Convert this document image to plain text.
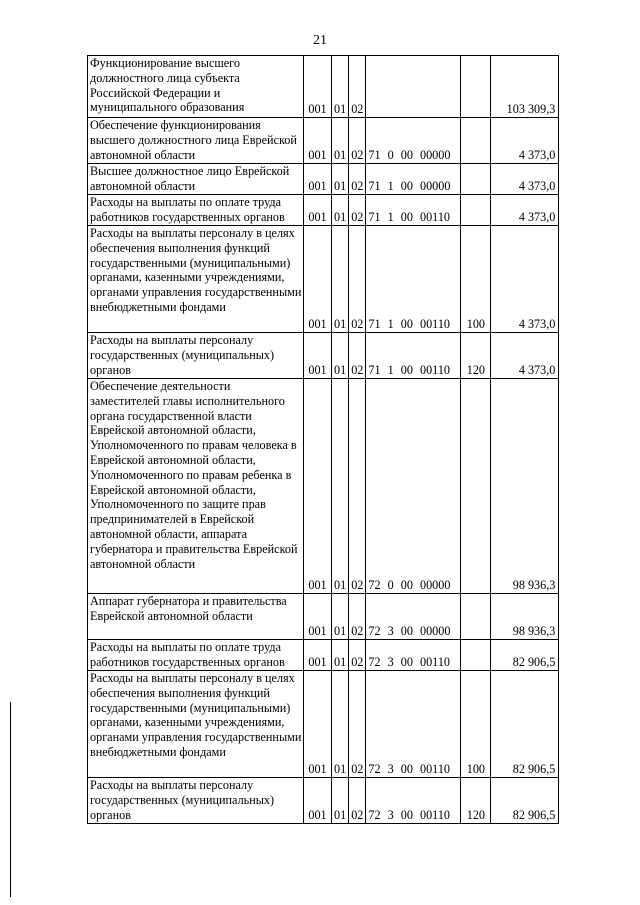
21
Функционирование высшего должностного лица субъекта Российской Федерации и муниципального образования	001	01	02			103 309,3
Обеспечение функционирования высшего должностного лица Еврейской автономной области	001	01	02	71 0 00 00000		4 373,0
Высшее должностное лицо Еврейской автономной области	001	01	02	71 1 00 00000		4 373,0
Расходы на выплаты по оплате труда работников государственных органов	001	01	02	71 1 00 00110		4 373,0
Расходы на выплаты персоналу в целях обеспечения выполнения функций государственными (муниципальными) органами, казенными учреждениями, органами управления государственными внебюджетными фондами	001	01	02	71 1 00 00110	100	4 373,0
Расходы на выплаты персоналу государственных (муниципальных) органов	001	01	02	71 1 00 00110	120	4 373,0
Обеспечение деятельности заместителей главы исполнительного органа государственной власти Еврейской автономной области, Уполномоченного по правам человека в Еврейской автономной области, Уполномоченного по правам ребенка в Еврейской автономной области, Уполномоченного по защите прав предпринимателей в Еврейской автономной области, аппарата губернатора и правительства Еврейской автономной области	001	01	02	72 0 00 00000		98 936,3
Аппарат губернатора и правительства Еврейской автономной области	001	01	02	72 3 00 00000		98 936,3
Расходы на выплаты по оплате труда работников государственных органов	001	01	02	72 3 00 00110		82 906,5
Расходы на выплаты персоналу в целях обеспечения выполнения функций государственными (муниципальными) органами, казенными учреждениями, органами управления государственными внебюджетными фондами	001	01	02	72 3 00 00110	100	82 906,5
Расходы на выплаты персоналу государственных (муниципальных) органов	001	01	02	72 3 00 00110	120	82 906,5
